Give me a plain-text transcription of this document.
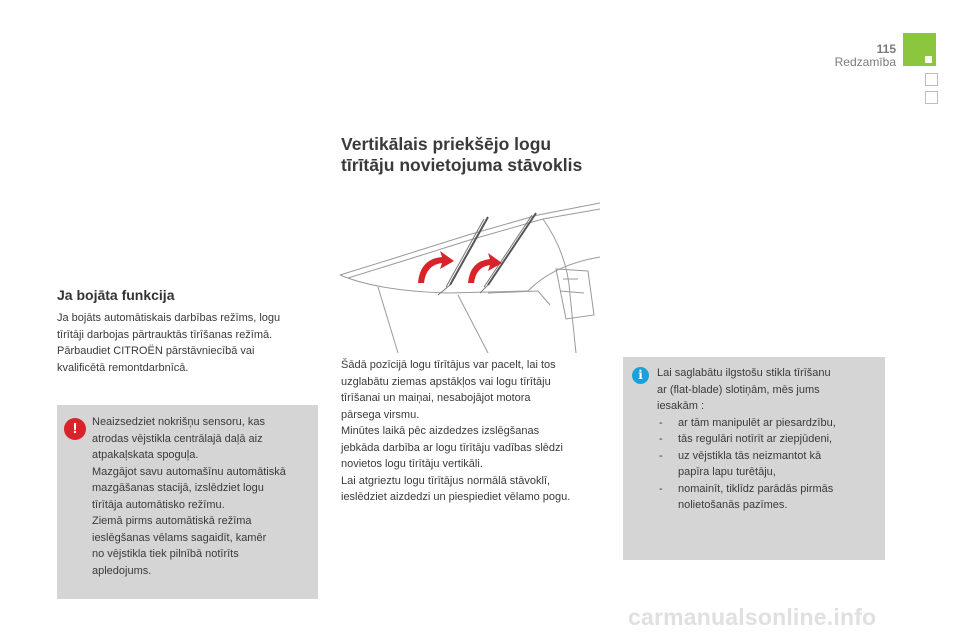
115
Redzamība
Vertikālais priekšējo logu
tīrītāju novietojuma stāvoklis
Ja bojāta funkcija
Ja bojāts automātiskais darbības režīms, logu
tīrītāji darbojas pārtrauktās tīrīšanas režīmā.
Pārbaudiet CITROËN pārstāvniecībā vai
kvalificētā remontdarbnīcā.	Šādā pozīcijā logu tīrītājus var pacelt, lai tos
uzglabātu ziemas apstākļos vai logu tīrītāju
tīrīšanai un maiņai, nesabojājot motora
pārsega virsmu.
Minūtes laikā pēc aizdedzes izslēgšanas
jebkāda darbība ar logu tīrītāju vadības slēdzi
novietos logu tīrītāju vertikāli.
Lai atgrieztu logu tīrītājus normālā stāvoklī,
ieslēdziet aizdedzi un piespiediet vēlamo pogu.
!	Neaizsedziet nokrišņu sensoru, kas
atrodas vējstikla centrālajā daļā aiz
atpakaļskata spoguļa.
Mazgājot savu automašīnu automātiskā
mazgāšanas stacijā, izslēdziet logu
tīrītāja automātisko režīmu.
Ziemā pirms automātiskā režīma
ieslēgšanas vēlams sagaidīt, kamēr
no vējstikla tiek pilnībā notīrīts
apledojums.
i	Lai saglabātu ilgstošu stikla tīrīšanu
ar (flat-blade) slotiņām, mēs jums
iesakām :
- ar tām manipulēt ar piesardzību,
- tās regulāri notīrīt ar ziepjūdeni,
- uz vējstikla tās neizmantot kā
papīra lapu turētāju,
- nomainīt, tiklīdz parādās pirmās
nolietošanās pazīmes.
carmanualsonline.info
